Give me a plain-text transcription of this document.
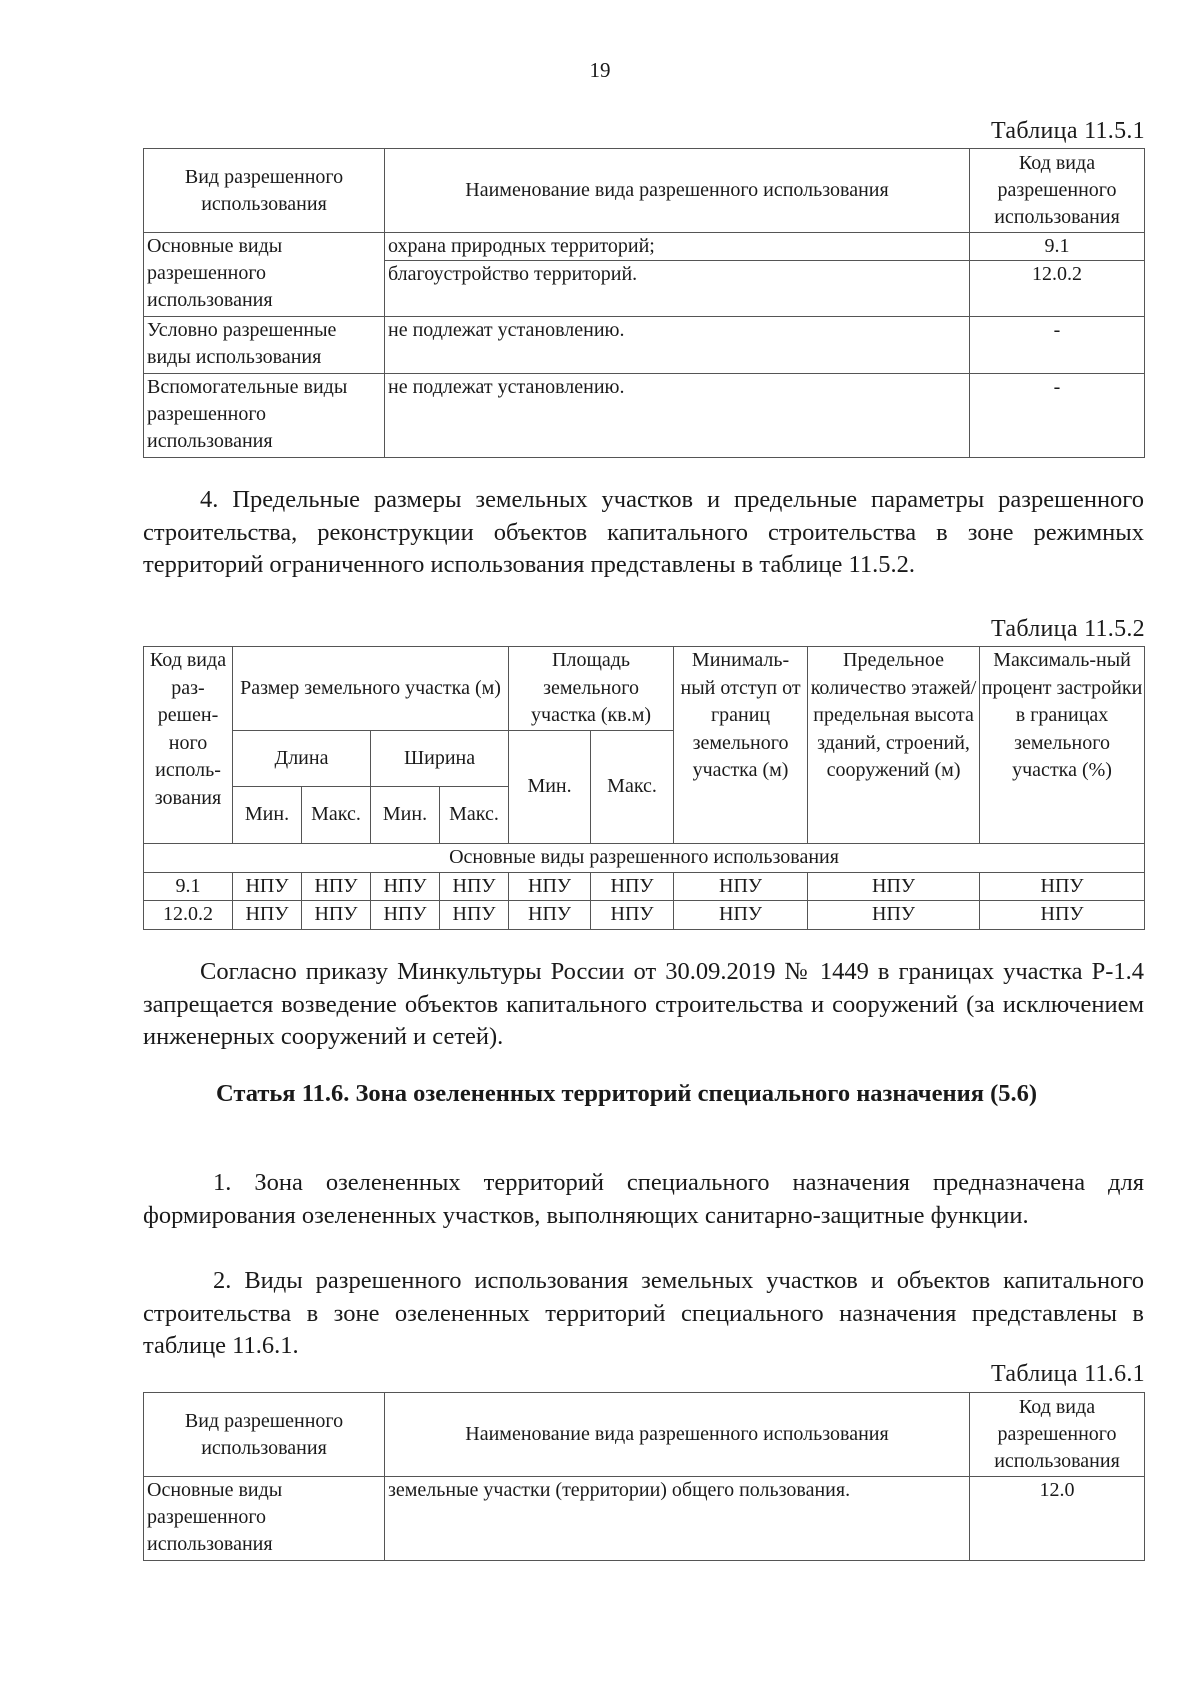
19
Таблица 11.5.1
Вид разрешенного использования	Наименование вида разрешенного использования	Код вида разрешенного использования
Основные виды разрешенного использования	охрана природных территорий;	9.1
	благоустройство территорий.	12.0.2
Условно разрешенные виды использования	не подлежат установлению.	-
Вспомогательные виды разрешенного использования	не подлежат установлению.	-

4. Предельные размеры земельных участков и предельные параметры разрешенного строительства, реконструкции объектов капитального строительства в зоне режимных территорий ограниченного использования представлены в таблице 11.5.2.

Таблица 11.5.2
Код вида раз-решен-ного исполь-зования	Размер земельного участка (м)				Площадь земельного участка (кв.м)		Минималь-ный отступ от границ земельного участка (м)	Предельное количество этажей/ предельная высота зданий, строений, сооружений (м)	Максималь-ный процент застройки в границах земельного участка (%)
	Длина		Ширина		Мин.	Макс.			
	Мин.	Макс.	Мин.	Макс.					
Основные виды разрешенного использования									
9.1	НПУ	НПУ	НПУ	НПУ	НПУ	НПУ	НПУ	НПУ	НПУ
12.0.2	НПУ	НПУ	НПУ	НПУ	НПУ	НПУ	НПУ	НПУ	НПУ

Согласно приказу Минкультуры России от 30.09.2019 № 1449 в границах участка Р-1.4 запрещается возведение объектов капитального строительства и сооружений (за исключением инженерных сооружений и сетей).

Статья 11.6. Зона озелененных территорий специального назначения (5.6)

1. Зона озелененных территорий специального назначения предназначена для формирования озелененных участков, выполняющих санитарно-защитные функции.

2. Виды разрешенного использования земельных участков и объектов капитального строительства в зоне озелененных территорий специального назначения представлены в таблице 11.6.1.

Таблица 11.6.1
Вид разрешенного использования	Наименование вида разрешенного использования	Код вида разрешенного использования
Основные виды разрешенного использования	земельные участки (территории) общего пользования.	12.0
